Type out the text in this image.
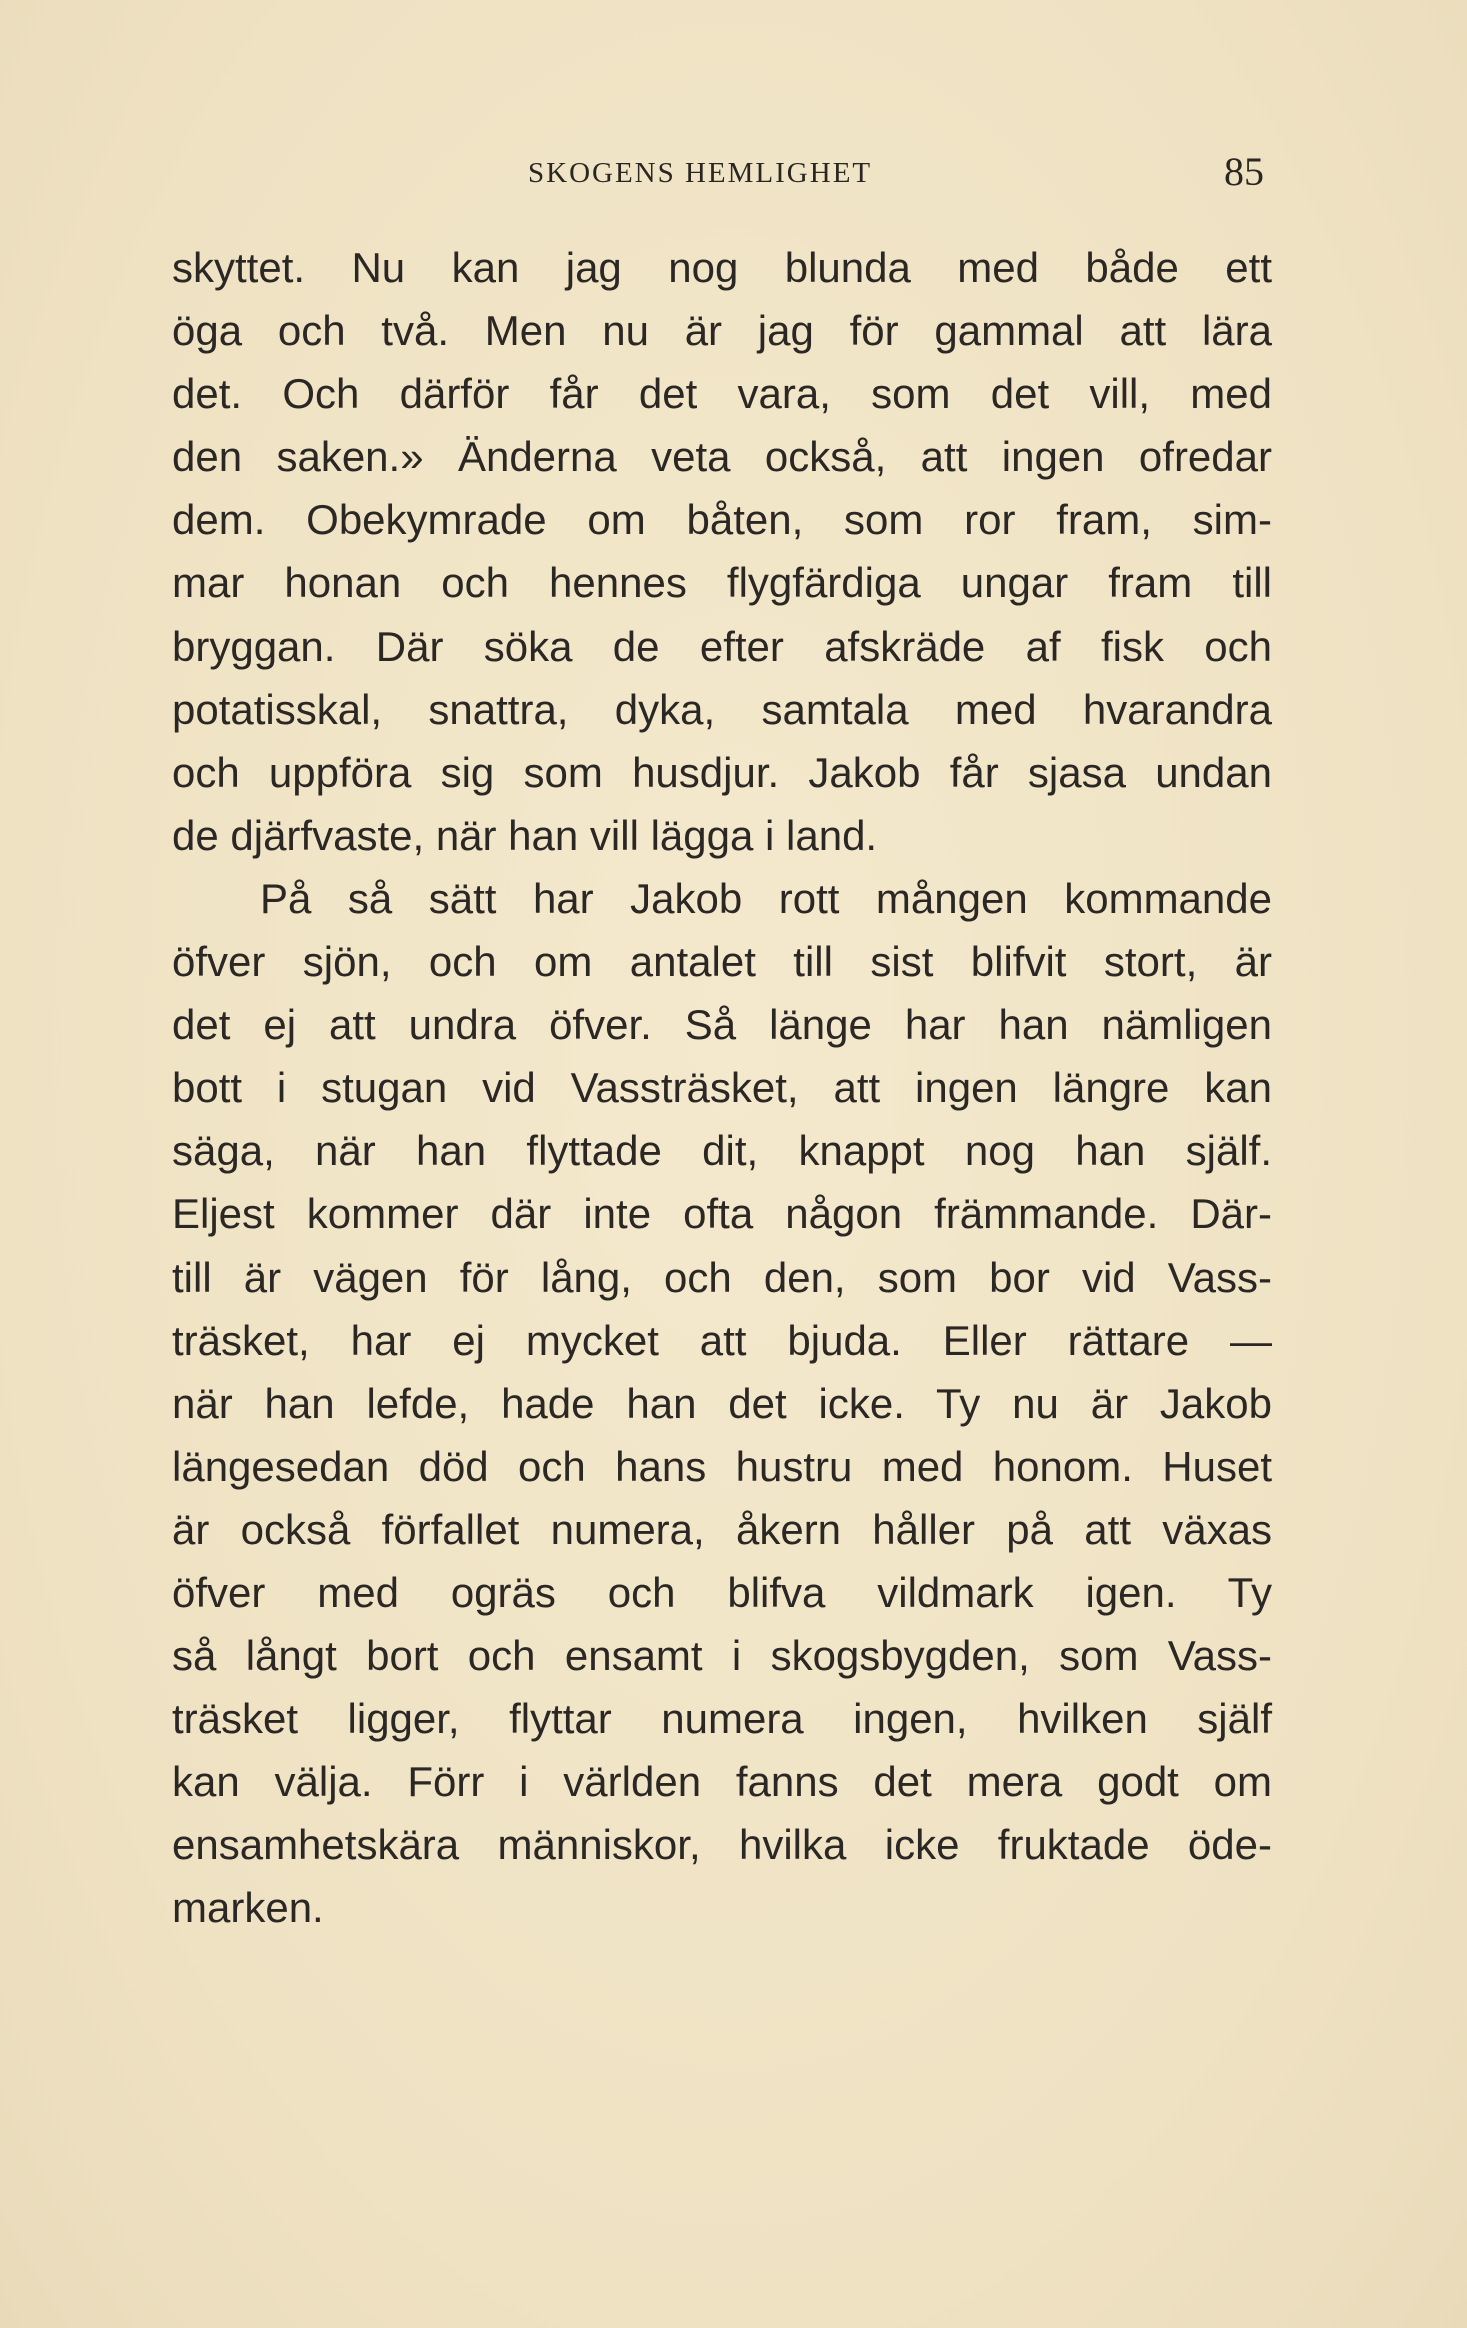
SKOGENS HEMLIGHET	85
skyttet. Nu kan jag nog blunda med både ett
öga och två. Men nu är jag för gammal att lära
det. Och därför får det vara, som det vill, med
den saken.» Änderna veta också, att ingen ofredar
dem. Obekymrade om båten, som ror fram, sim-
mar honan och hennes flygfärdiga ungar fram till
bryggan. Där söka de efter afskräde af fisk och
potatisskal, snattra, dyka, samtala med hvarandra
och uppföra sig som husdjur. Jakob får sjasa undan
de djärfvaste, när han vill lägga i land.
På så sätt har Jakob rott mången kommande
öfver sjön, och om antalet till sist blifvit stort, är
det ej att undra öfver. Så länge har han nämligen
bott i stugan vid Vassträsket, att ingen längre kan
säga, när han flyttade dit, knappt nog han själf.
Eljest kommer där inte ofta någon främmande. Där-
till är vägen för lång, och den, som bor vid Vass-
träsket, har ej mycket att bjuda. Eller rättare —
när han lefde, hade han det icke. Ty nu är Jakob
längesedan död och hans hustru med honom. Huset
är också förfallet numera, åkern håller på att växas
öfver med ogräs och blifva vildmark igen. Ty
så långt bort och ensamt i skogsbygden, som Vass-
träsket ligger, flyttar numera ingen, hvilken själf
kan välja. Förr i världen fanns det mera godt om
ensamhetskära människor, hvilka icke fruktade öde-
marken.
